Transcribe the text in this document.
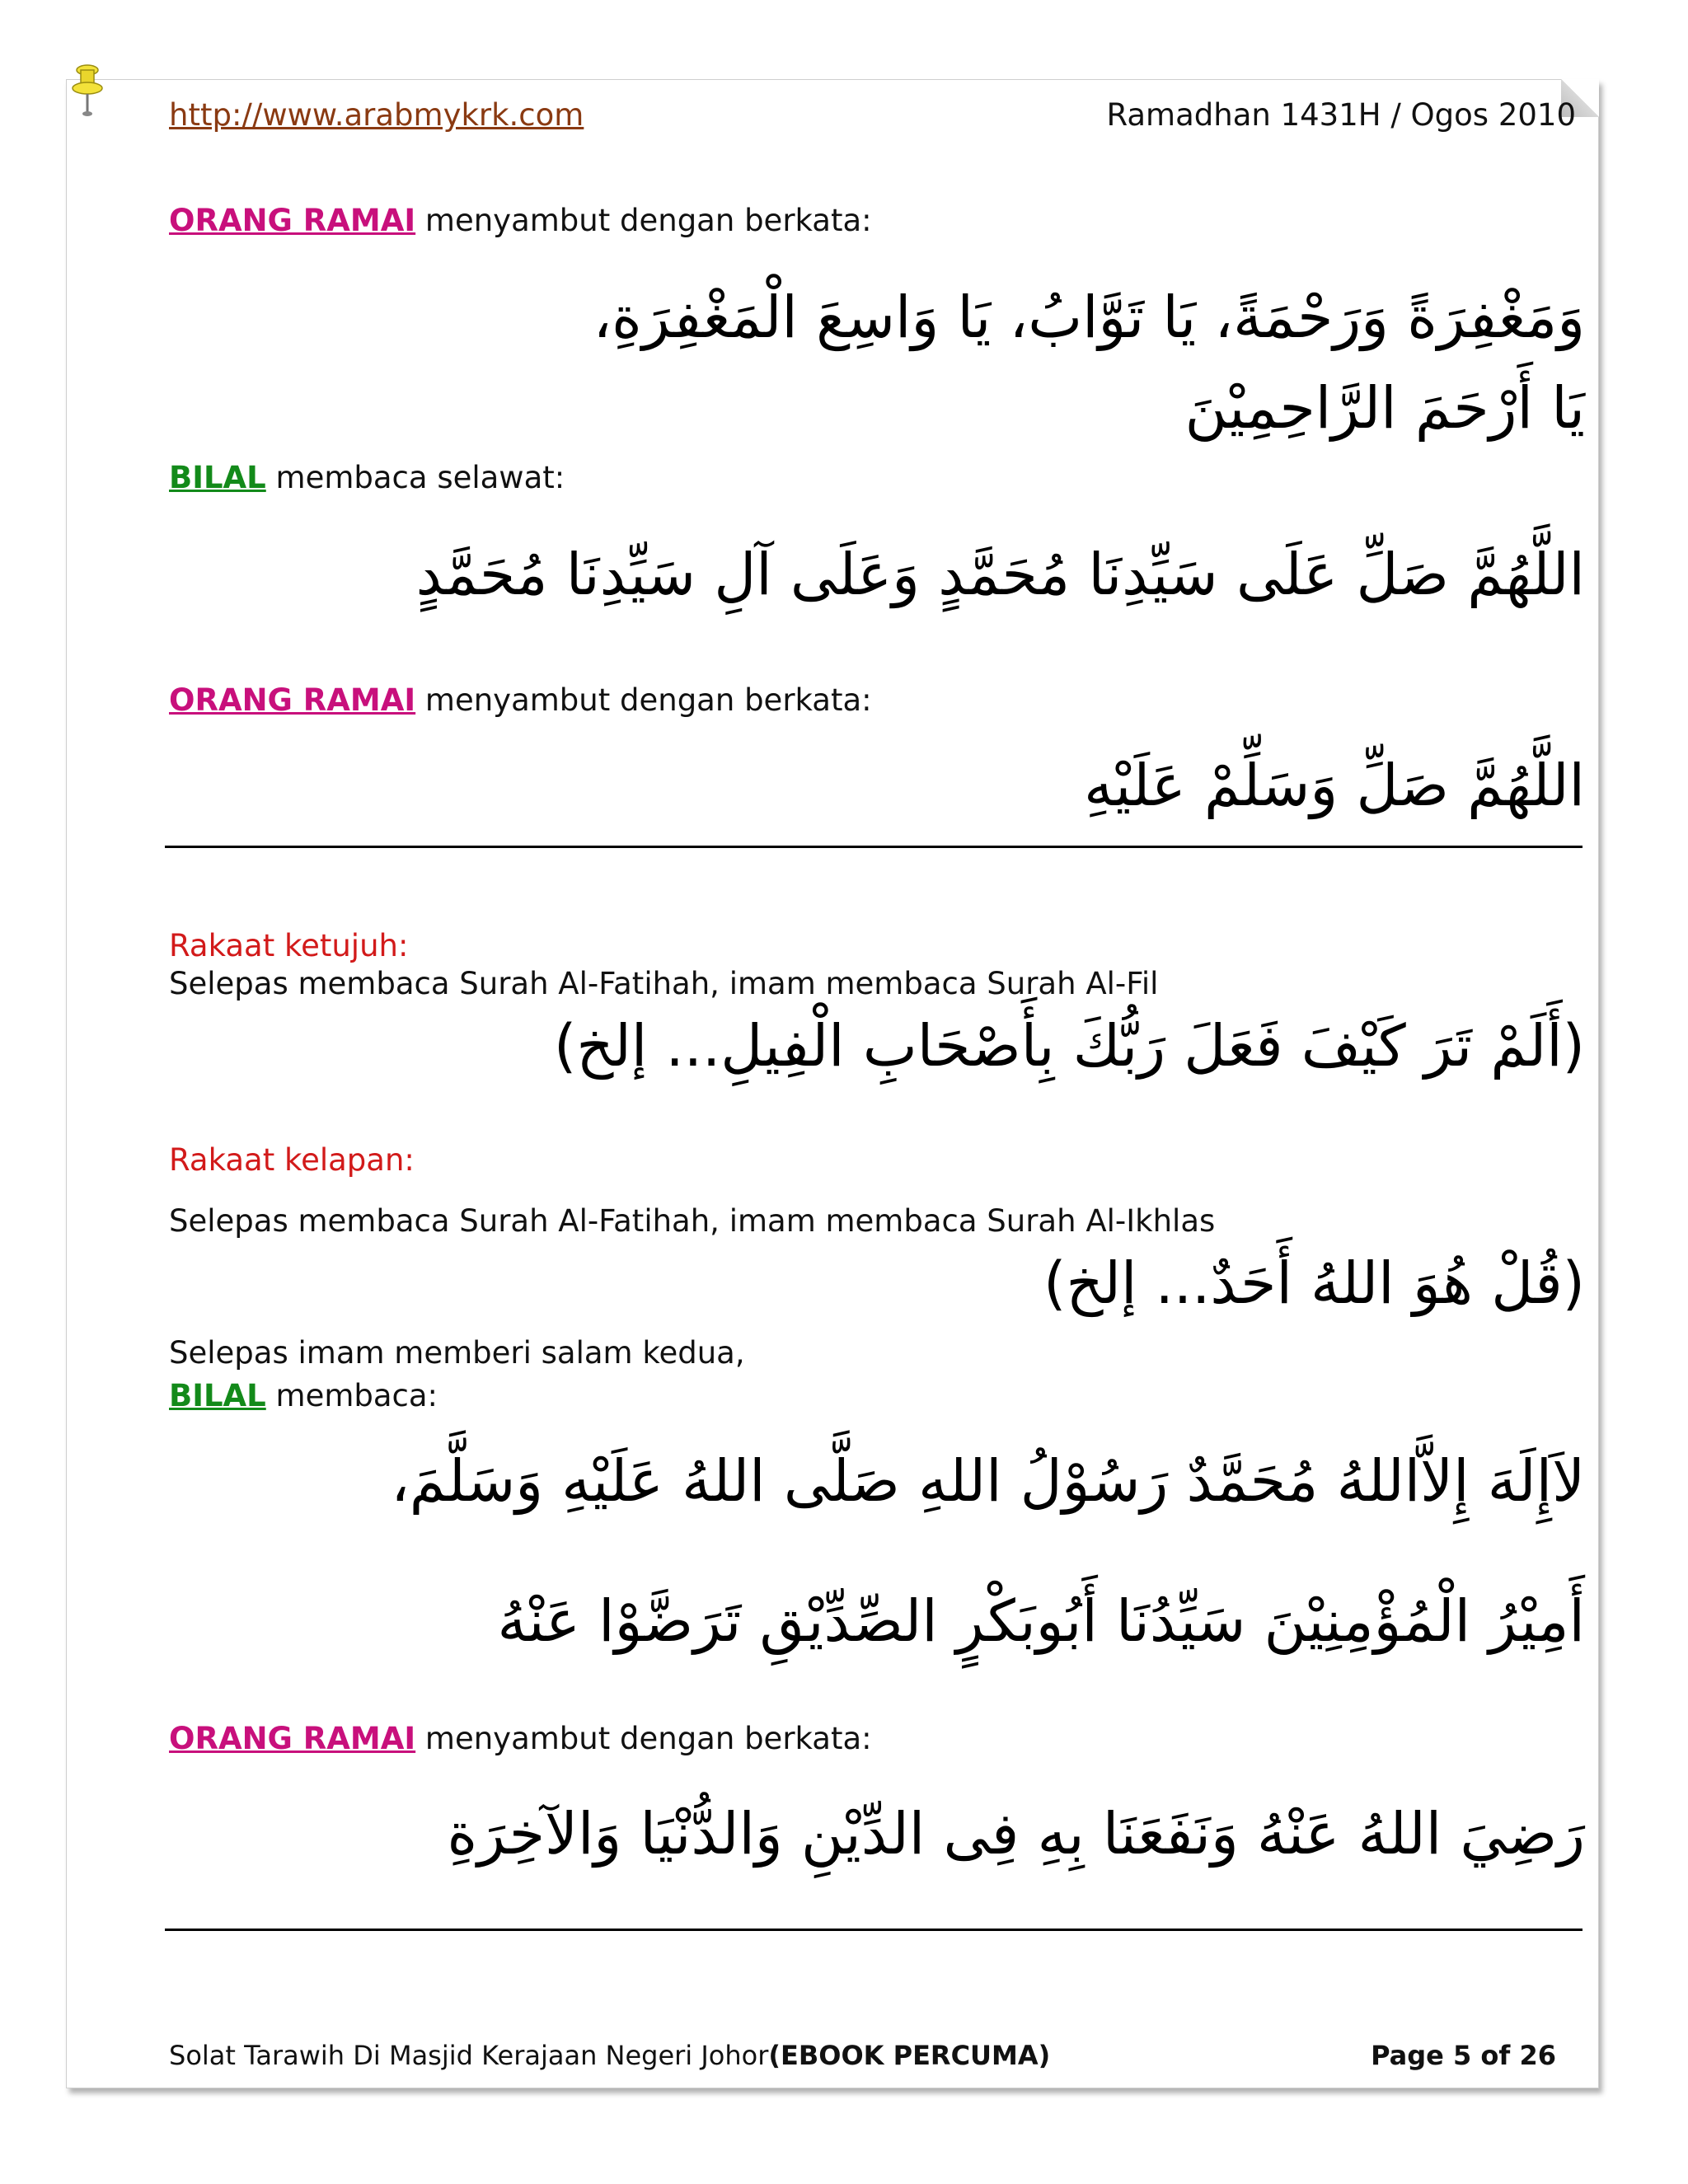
http://www.arabmykrk.com	Ramadhan 1431H / Ogos 2010
ORANG RAMAI menyambut dengan berkata:
وَمَغْفِرَةً وَرَحْمَةً، يَا تَوَّابُ، يَا وَاسِعَ الْمَغْفِرَةِ،
يَا أَرْحَمَ الرَّاحِمِيْنَ
BILAL membaca selawat:
اللَّهُمَّ صَلِّ عَلَى سَيِّدِنَا مُحَمَّدٍ وَعَلَى آلِ سَيِّدِنَا مُحَمَّدٍ
ORANG RAMAI menyambut dengan berkata:
اللَّهُمَّ صَلِّ وَسَلِّمْ عَلَيْهِ
Rakaat ketujuh:
Selepas membaca Surah Al-Fatihah, imam membaca Surah Al-Fil
(أَلَمْ تَرَ كَيْفَ فَعَلَ رَبُّكَ بِأَصْحَابِ الْفِيلِ... إلخ)
Rakaat kelapan:
Selepas membaca Surah Al-Fatihah, imam membaca Surah Al-Ikhlas
(قُلْ هُوَ اللهُ أَحَدٌ... إلخ)
Selepas imam memberi salam kedua,
BILAL membaca:
لاَإِلَهَ إِلاَّاللهُ مُحَمَّدٌ رَسُوْلُ اللهِ صَلَّى اللهُ عَلَيْهِ وَسَلَّمَ،
أَمِيْرُ الْمُؤْمِنِيْنَ سَيِّدُنَا أَبُوبَكْرٍ الصِّدِّيْقِ تَرَضَّوْا عَنْهُ
ORANG RAMAI menyambut dengan berkata:
رَضِيَ اللهُ عَنْهُ وَنَفَعَنَا بِهِ فِى الدِّيْنِ وَالدُّنْيَا وَالآخِرَةِ
Solat Tarawih Di Masjid Kerajaan Negeri Johor(EBOOK PERCUMA)	Page 5 of 26
